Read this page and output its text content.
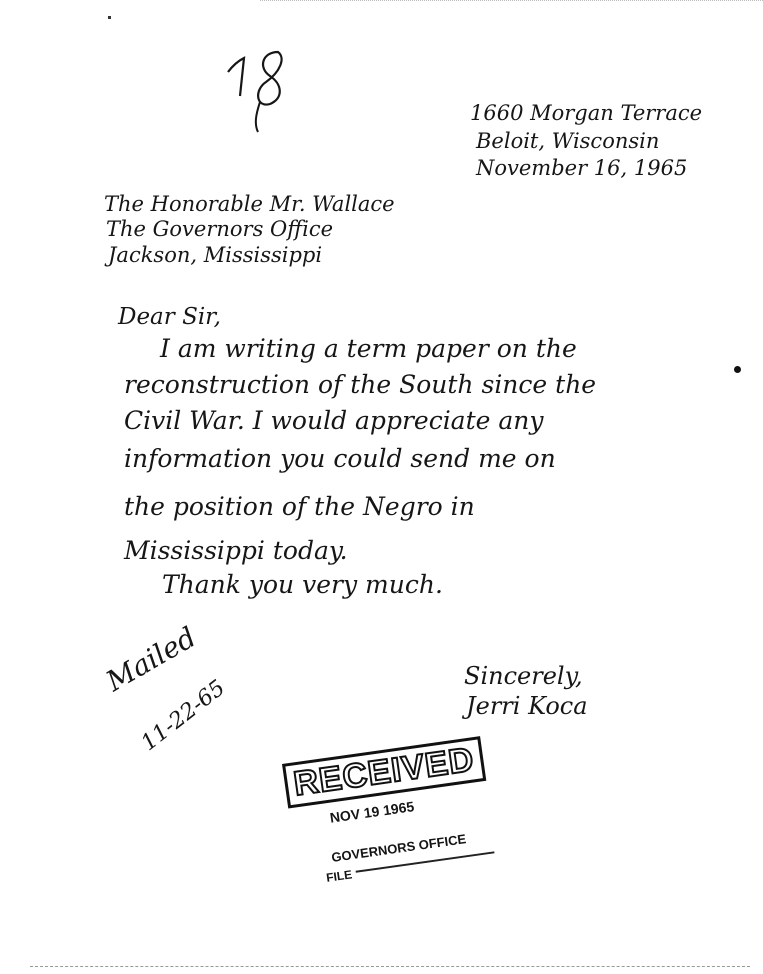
1660 Morgan Terrace
Beloit, Wisconsin
November 16, 1965
The Honorable Mr. Wallace
The Governors Office
Jackson, Mississippi
Dear Sir,
I am writing a term paper on the
reconstruction of the South since the
Civil War. I would appreciate any
information you could send me on
the position of the Negro in
Mississippi today.
Thank you very much.
Mailed
11-22-65	Sincerely,
Jerri Koca
RECEIVED
NOV 19 1965
GOVERNORS OFFICE
FILE
